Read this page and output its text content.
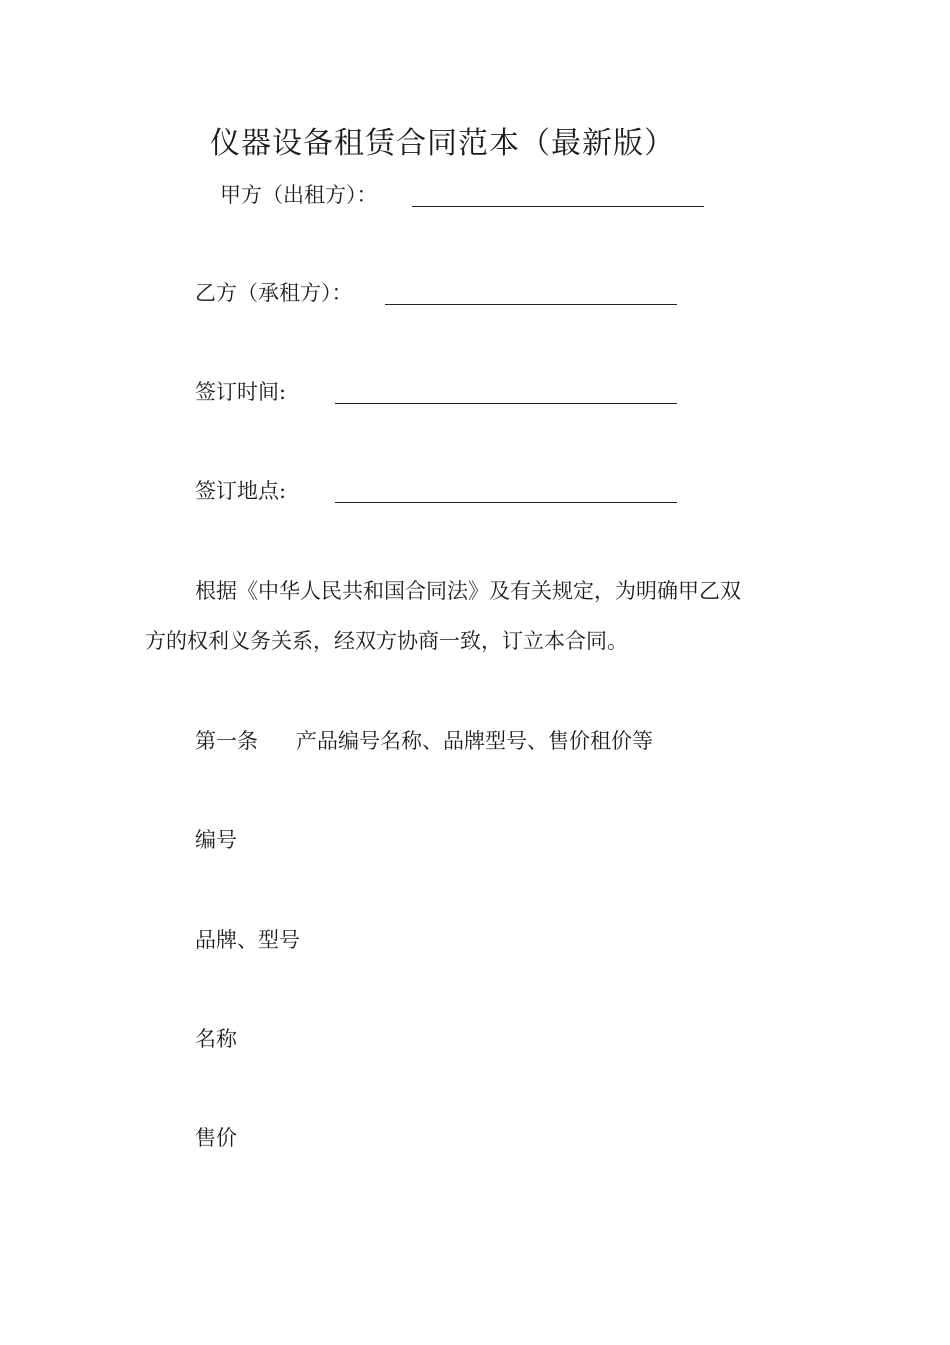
仪器设备租赁合同范本（最新版）
甲方（出租方）：
乙方（承租方）：
签订时间:
签订地点:

根据《中华人民共和国合同法》及有关规定，为明确甲乙双方的权利义务关系，经双方协商一致，订立本合同。

第一条 产品编号名称、品牌型号、售价租价等
编号
品牌、型号
名称
售价
